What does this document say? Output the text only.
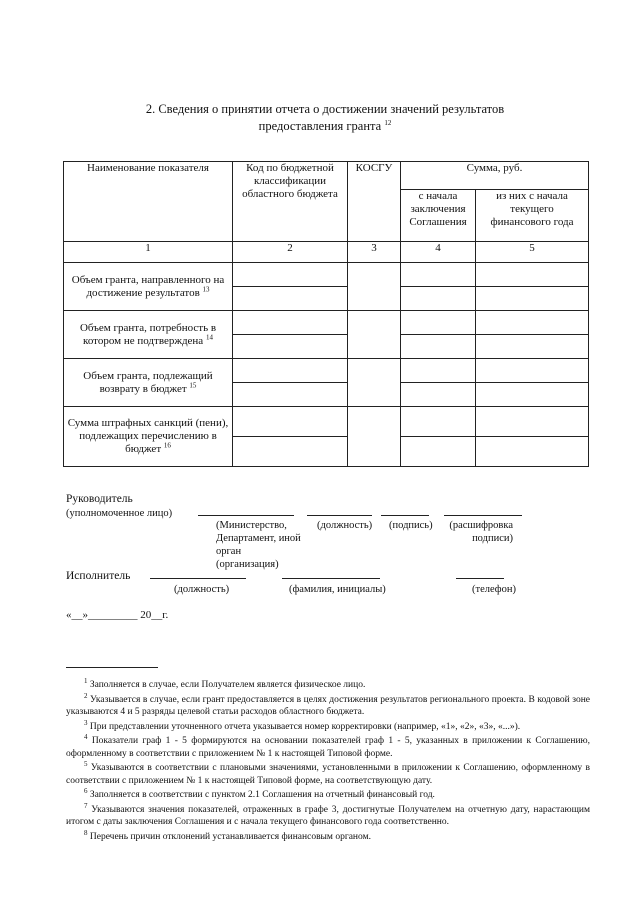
2. Сведения о принятии отчета о достижении значений результатов
предоставления гранта $^{12}$
Наименование показателя	Код по бюджетной классификации областного бюджета	КОСГУ	Сумма, руб.	
			с начала заключения Соглашения	из них с начала текущего финансового года
1	2	3	4	5
Объем гранта, направленного на достижение результатов $^{13}$				

Объем гранта, потребность в котором не подтверждена $^{14}$				

Объем гранта, подлежащий возврату в бюджет $^{15}$				

Сумма штрафных санкций (пени), подлежащих перечислению в бюджет $^{16}$				

Руководитель
(уполномоченное лицо)
(Министерство, Департамент, иной орган (организация)
(должность) (подпись)	(расшифровка подписи)
Исполнитель
(должность)	(фамилия, инициалы)	(телефон)
«__»_________ 20__г.

$^1$ Заполняется в случае, если Получателем является физическое лицо.

$^2$ Указывается в случае, если грант предоставляется в целях достижения результатов регионального проекта. В кодовой зоне указываются 4 и 5 разряды целевой статьи расходов областного бюджета.

$^3$ При представлении уточненного отчета указывается номер корректировки (например, «1», «2», «3», «...»).

$^4$ Показатели граф 1 - 5 формируются на основании показателей граф 1 - 5, указанных в приложении к Соглашению, оформленному в соответствии с приложением № 1 к настоящей Типовой форме.

$^5$ Указываются в соответствии с плановыми значениями, установленными в приложении к Соглашению, оформленному в соответствии с приложением № 1 к настоящей Типовой форме, на соответствующую дату.

$^6$ Заполняется в соответствии с пунктом 2.1 Соглашения на отчетный финансовый год.

$^7$ Указываются значения показателей, отраженных в графе 3, достигнутые Получателем на отчетную дату, нарастающим итогом с даты заключения Соглашения и с начала текущего финансового года соответственно.

$^8$ Перечень причин отклонений устанавливается финансовым органом.
